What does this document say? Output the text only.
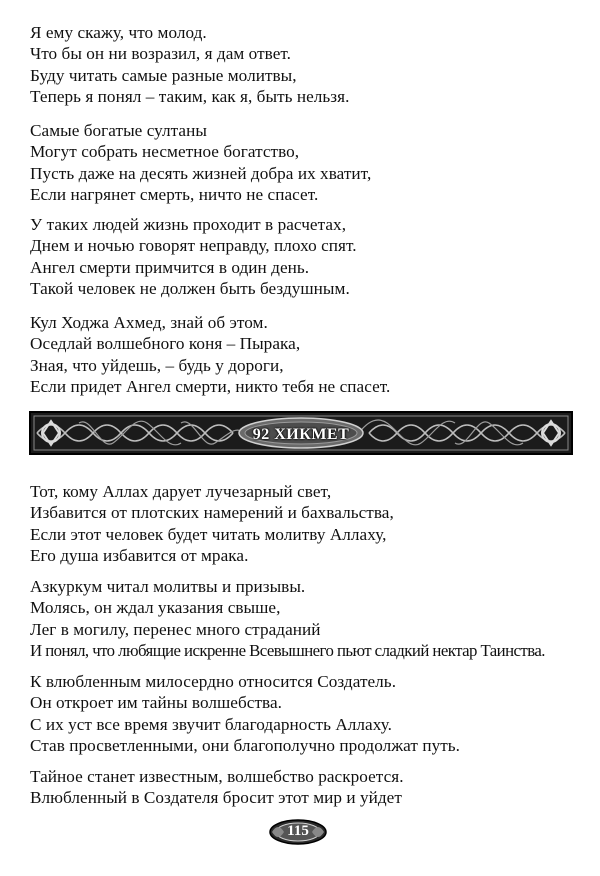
Я ему скажу, что молод.
Что бы он ни возразил, я дам ответ.
Буду читать самые разные молитвы,
Теперь я понял – таким, как я, быть нельзя.
Самые богатые султаны
Могут собрать несметное богатство,
Пусть даже на десять жизней добра их хватит,
Если нагрянет смерть, ничто не спасет.
У таких людей жизнь проходит в расчетах,
Днем и ночью говорят неправду, плохо спят.
Ангел смерти примчится в один день.
Такой человек не должен быть бездушным.
Кул Ходжа Ахмед, знай об этом.
Оседлай волшебного коня – Пырака,
Зная, что уйдешь, – будь у дороги,
Если придет Ангел смерти, никто тебя не спасет.
92 ХИКМЕТ
Тот, кому Аллах дарует лучезарный свет,
Избавится от плотских намерений и бахвальства,
Если этот человек будет читать молитву Аллаху,
Его душа избавится от мрака.
Азкуркум читал молитвы и призывы.
Молясь, он ждал указания свыше,
Лег в могилу, перенес много страданий
И понял, что любящие искренне Всевышнего пьют сладкий нектар Таинства.
К влюбленным милосердно относится Создатель.
Он откроет им тайны волшебства.
С их уст все время звучит благодарность Аллаху.
Став просветленными, они благополучно продолжат путь.
Тайное станет известным, волшебство раскроется.
Влюбленный в Создателя бросит этот мир и уйдет
115
